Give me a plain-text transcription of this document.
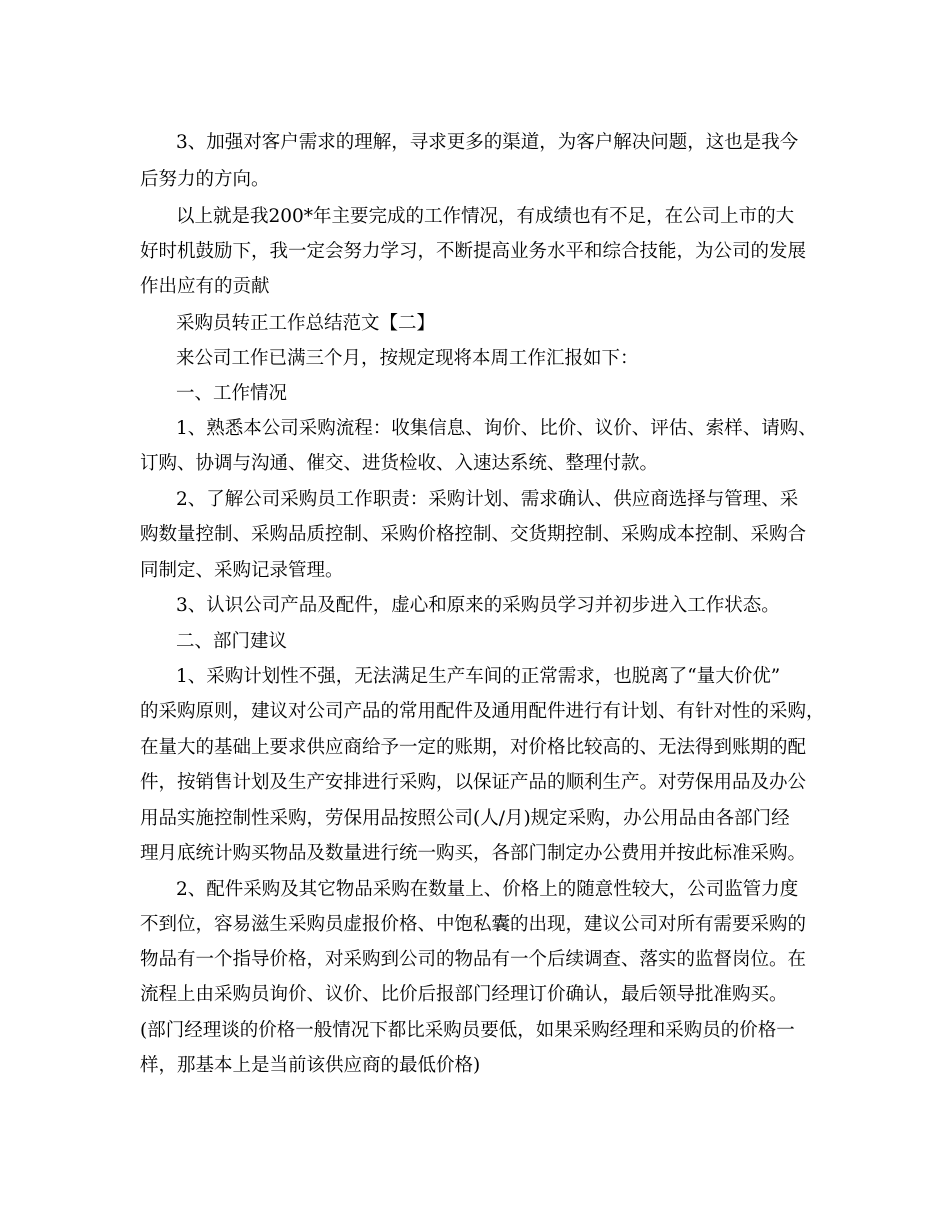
3、加强对客户需求的理解，寻求更多的渠道，为客户解决问题，这也是我今
后努力的方向。
以上就是我200*年主要完成的工作情况，有成绩也有不足，在公司上市的大
好时机鼓励下，我一定会努力学习，不断提高业务水平和综合技能，为公司的发展
作出应有的贡献
采购员转正工作总结范文【二】
来公司工作已满三个月，按规定现将本周工作汇报如下：
一、工作情况
1、熟悉本公司采购流程：收集信息、询价、比价、议价、评估、索样、请购、
订购、协调与沟通、催交、进货检收、入速达系统、整理付款。
2、了解公司采购员工作职责：采购计划、需求确认、供应商选择与管理、采
购数量控制、采购品质控制、采购价格控制、交货期控制、采购成本控制、采购合
同制定、采购记录管理。
3、认识公司产品及配件，虚心和原来的采购员学习并初步进入工作状态。
二、部门建议
1、采购计划性不强，无法满足生产车间的正常需求，也脱离了“量大价优”
的采购原则，建议对公司产品的常用配件及通用配件进行有计划、有针对性的采购，
在量大的基础上要求供应商给予一定的账期，对价格比较高的、无法得到账期的配
件，按销售计划及生产安排进行采购，以保证产品的顺利生产。对劳保用品及办公
用品实施控制性采购，劳保用品按照公司(人/月)规定采购，办公用品由各部门经
理月底统计购买物品及数量进行统一购买，各部门制定办公费用并按此标准采购。
2、配件采购及其它物品采购在数量上、价格上的随意性较大，公司监管力度
不到位，容易滋生采购员虚报价格、中饱私囊的出现，建议公司对所有需要采购的
物品有一个指导价格，对采购到公司的物品有一个后续调查、落实的监督岗位。在
流程上由采购员询价、议价、比价后报部门经理订价确认，最后领导批准购买。
(部门经理谈的价格一般情况下都比采购员要低，如果采购经理和采购员的价格一
样，那基本上是当前该供应商的最低价格)
